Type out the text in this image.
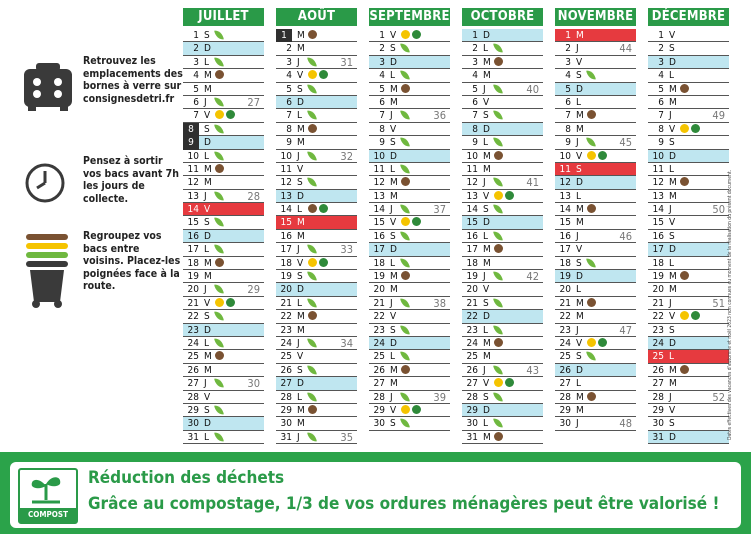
Retrouvez les emplacements des bornes à verre sur consignesdetri.fr
Pensez à sortir vos bacs avant 7h les jours de collecte.
Regroupez vos bacs entre voisins. Placez-les poignées face à la route.
JUILLET
1 S
2 D
3 L
4 M
5 M
6 J	27
7 V
8	S
9	D
10 L
11 M
12 M
13 J	28
14 V
15 S
16 D
17 L
18 M
19 M
20 J	29
21 V
22 S
23 D
24 L
25 M
26 M
27 J	30
28 V
29 S
30 D
31 L
AOÛT
1	M
2 M
3 J	31
4 V
5 S
6 D
7 L
8 M
9 M
10 J	32
11 V
12 S
13 D
14 L
15 M
16 M
17 J	33
18 V
19 S
20 D
21 L
22 M
23 M
24 J	34
25 V
26 S
27 D
28 L
29 M
30 M
31 J	35
SEPTEMBRE
1 V
2 S
3 D
4 L
5 M
6 M
7 J	36
8 V
9 S
10 D
11 L
12 M
13 M
14 J	37
15 V
16 S
17 D
18 L
19 M
20 M
21 J	38
22 V
23 S
24 D
25 L
26 M
27 M
28 J	39
29 V
30 S
OCTOBRE
1 D
2 L
3 M
4 M
5 J	40
6 V
7 S
8 D
9 L
10 M
11 M
12 J	41
13 V
14 S
15 D
16 L
17 M
18 M
19 J	42
20 V
21 S
22 D
23 L
24 M
25 M
26 J	43
27 V
28 S
29 D
30 L
31 M
NOVEMBRE
1 M
2 J	44
3 V
4 S
5 D
6 L
7 M
8 M
9 J	45
10 V
11 S
12 D
13 L
14 M
15 M
16 J	46
17 V
18 S
19 D
20 L
21 M
22 M
23 J	47
24 V
25 S
26 D
27 L
28 M
29 M
30 J	48
DÉCEMBRE
1 V
2 S
3 D
4 L
5 M
6 M
7 J	49
8 V
9 S
10 D
11 L
12 M
13 M
14 J	50
15 V
16 S
17 D
18 L
19 M
20 M
21 J	51
22 V
23 S
24 D
25 L
26 M
27 M
28 J	52
29 V
30 S
31 D	Dates effectives des vacances d'automne et noël 2023 non connues au moment de la réalisation du présent document.
COMPOST
Réduction des déchets
Grâce au compostage, 1/3 de vos ordures ménagères peut être valorisé !
